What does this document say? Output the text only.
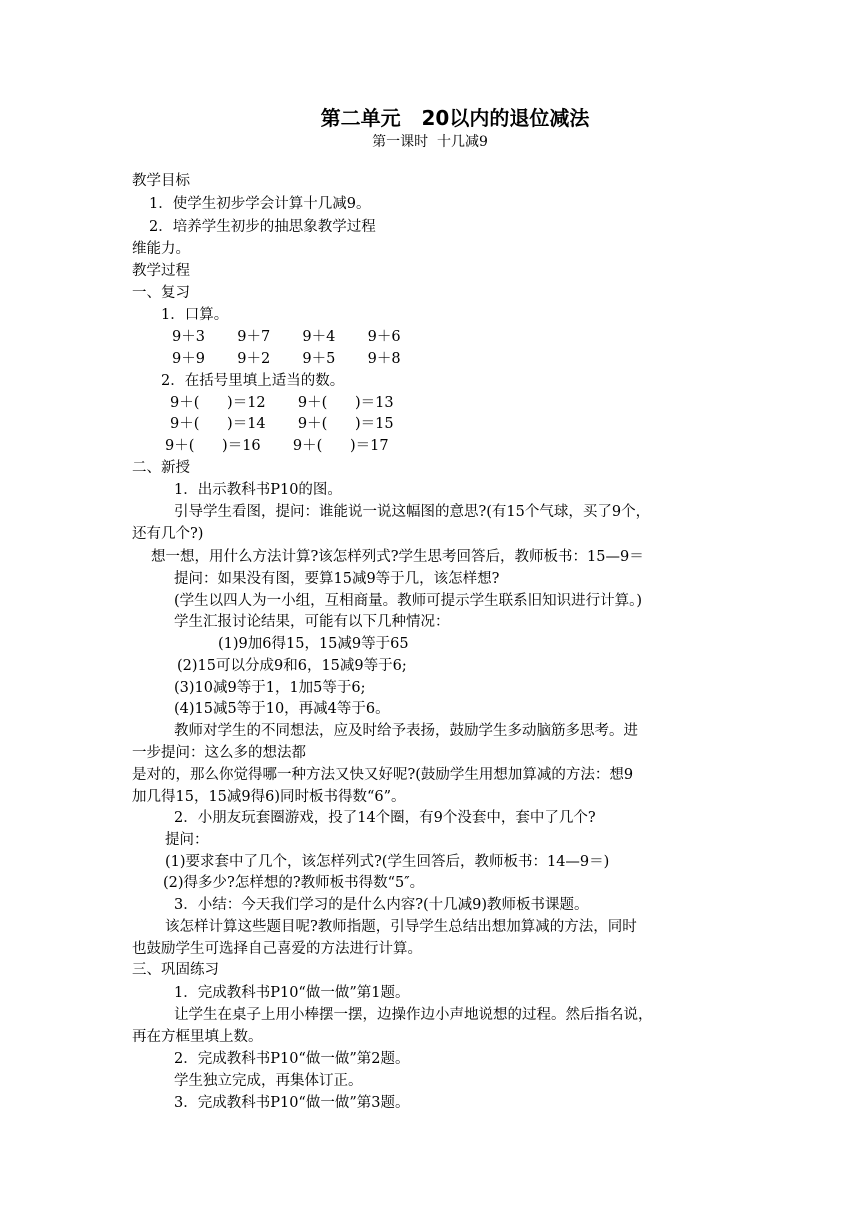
第二单元   20以内的退位减法
第一课时  十几减9
教学目标
1．使学生初步学会计算十几减9。
2．培养学生初步的抽思象教学过程
维能力。
教学过程
一、复习
1．口算。
9＋3       9＋7       9＋4       9＋6
9＋9       9＋2       9＋5       9＋8
2．在括号里填上适当的数。
9＋(      )＝12       9＋(      )＝13
9＋(      )＝14       9＋(      )＝15
9＋(      )＝16       9＋(      )＝17
二、新授
1．出示教科书P10的图。
引导学生看图，提问：谁能说一说这幅图的意思?(有15个气球，买了9个，
还有几个?)
想一想，用什么方法计算?该怎样列式?学生思考回答后，教师板书：15—9＝
提问：如果没有图，要算15减9等于几，该怎样想?
(学生以四人为一小组，互相商量。教师可提示学生联系旧知识进行计算。)
学生汇报讨论结果，可能有以下几种情况：
(1)9加6得15，15减9等于65
(2)15可以分成9和6，15减9等于6;
(3)10减9等于1，1加5等于6;
(4)15减5等于10，再减4等于6。
教师对学生的不同想法，应及时给予表扬，鼓励学生多动脑筋多思考。进
一步提问：这么多的想法都
是对的，那么你觉得哪一种方法又快又好呢?(鼓励学生用想加算减的方法：想9
加几得15，15减9得6)同时板书得数“6”。
2．小朋友玩套圈游戏，投了14个圈，有9个没套中，套中了几个?
提问：
(1)要求套中了几个，该怎样列式?(学生回答后，教师板书：14—9＝)
(2)得多少?怎样想的?教师板书得数“5″。
3．小结：今天我们学习的是什么内容?(十几减9)教师板书课题。
该怎样计算这些题目呢?教师指题，引导学生总结出想加算减的方法，同时
也鼓励学生可选择自己喜爱的方法进行计算。
三、巩固练习
1．完成教科书P10“做一做”第1题。
让学生在桌子上用小棒摆一摆，边操作边小声地说想的过程。然后指名说，
再在方框里填上数。
2．完成教科书P10“做一做”第2题。
学生独立完成，再集体订正。
3．完成教科书P10“做一做”第3题。
